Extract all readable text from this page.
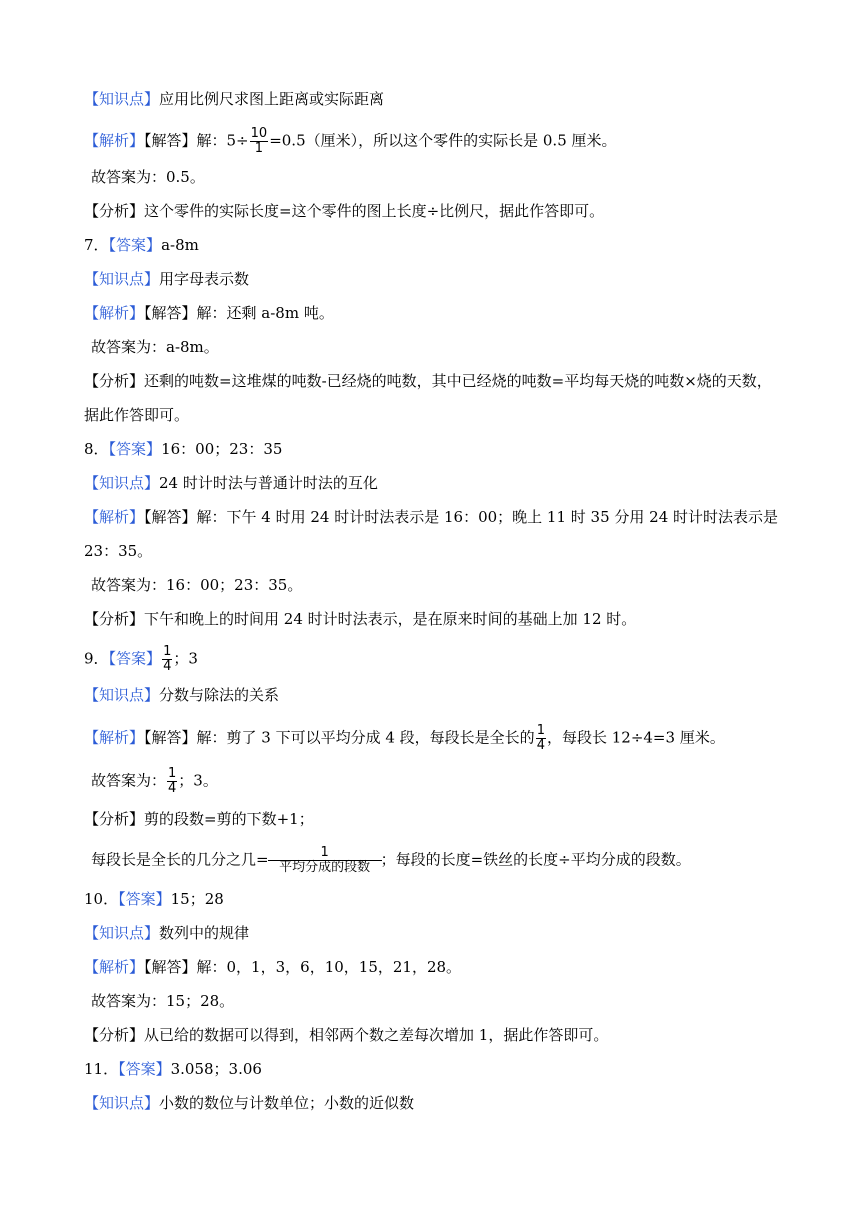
【知识点】应用比例尺求图上距离或实际距离
【解析】【解答】解：$5\div \frac{10}{1} =0.5$（厘米），所以这个零件的实际长是 0.5 厘米。
故答案为：0.5。
【分析】这个零件的实际长度=这个零件的图上长度÷比例尺，据此作答即可。
7．【答案】a-8m
【知识点】用字母表示数
【解析】【解答】解：还剩 a-8m 吨。
故答案为：a-8m。
【分析】还剩的吨数=这堆煤的吨数-已经烧的吨数，其中已经烧的吨数=平均每天烧的吨数×烧的天数，
据此作答即可。
8．【答案】16：00；23：35
【知识点】24 时计时法与普通计时法的互化
【解析】【解答】解：下午 4 时用 24 时计时法表示是 16：00；晚上 11 时 35 分用 24 时计时法表示是
23：35。
故答案为：16：00；23：35。
【分析】下午和晚上的时间用 24 时计时法表示，是在原来时间的基础上加 12 时。
9．【答案】 $\frac{1}{4}$ ；3
【知识点】分数与除法的关系
【解析】【解答】解：剪了 3 下可以平均分成 4 段，每段长是全长的 $\frac{1}{4}$ ，每段长 12÷4=3 厘米。
故答案为： $\frac{1}{4}$ ；3。
【分析】剪的段数=剪的下数+1；
每段长是全长的几分之几= $\frac{1}{\text{平均分成的段数}}$ ；每段的长度=铁丝的长度÷平均分成的段数。
10．【答案】15；28
【知识点】数列中的规律
【解析】【解答】解：0，1，3，6，10，15，21，28。
故答案为：15；28。
【分析】从已给的数据可以得到，相邻两个数之差每次增加 1，据此作答即可。
11．【答案】3.058；3.06
【知识点】小数的数位与计数单位；小数的近似数
